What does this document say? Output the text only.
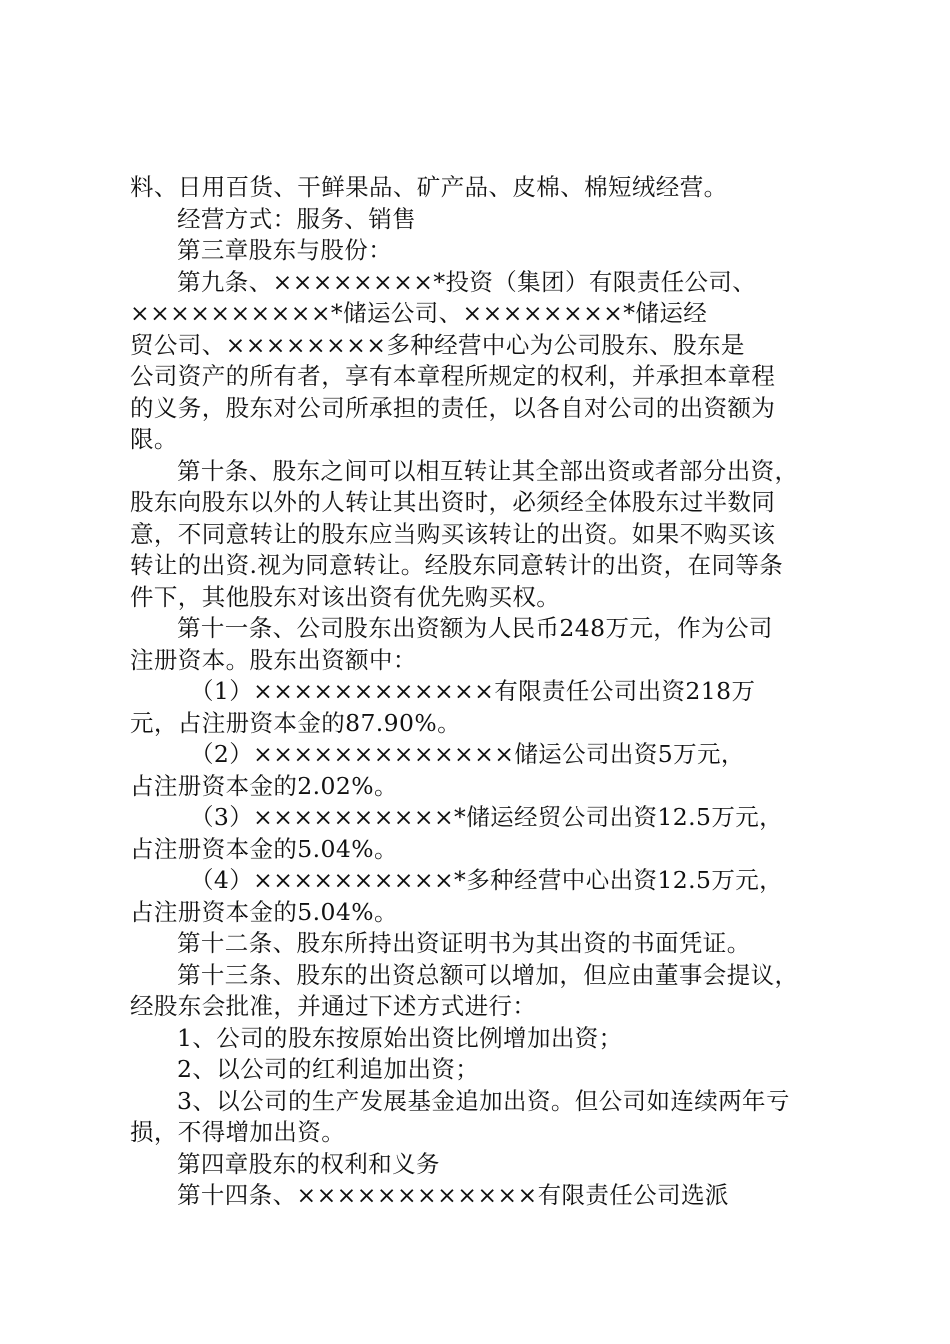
料、日用百货、干鲜果品、矿产品、皮棉、棉短绒经营。
经营方式：服务、销售
第三章股东与股份：
第九条、××××××××*投资（集团）有限责任公司、
××××××××××*储运公司、××××××××*储运经
贸公司、××××××××多种经营中心为公司股东、股东是
公司资产的所有者，享有本章程所规定的权利，并承担本章程
的义务，股东对公司所承担的责任，以各自对公司的出资额为
限。
第十条、股东之间可以相互转让其全部出资或者部分出资，
股东向股东以外的人转让其出资时，必须经全体股东过半数同
意，不同意转让的股东应当购买该转让的出资。如果不购买该
转让的出资.视为同意转让。经股东同意转计的出资，在同等条
件下，其他股东对该出资有优先购买权。
第十一条、公司股东出资额为人民币248万元，作为公司
注册资本。股东出资额中：
（1）××××××××××××有限责任公司出资218万
元，占注册资本金的87.90%。
（2）×××××××××××××储运公司出资5万元，
占注册资本金的2.02%。
（3）××××××××××*储运经贸公司出资12.5万元，
占注册资本金的5.04%。
（4）××××××××××*多种经营中心出资12.5万元，
占注册资本金的5.04%。
第十二条、股东所持出资证明书为其出资的书面凭证。
第十三条、股东的出资总额可以增加，但应由董事会提议，
经股东会批准，并通过下述方式进行：
1、公司的股东按原始出资比例增加出资；
2、以公司的红利追加出资；
3、以公司的生产发展基金追加出资。但公司如连续两年亏
损，不得增加出资。
第四章股东的权利和义务
第十四条、××××××××××××有限责任公司选派
